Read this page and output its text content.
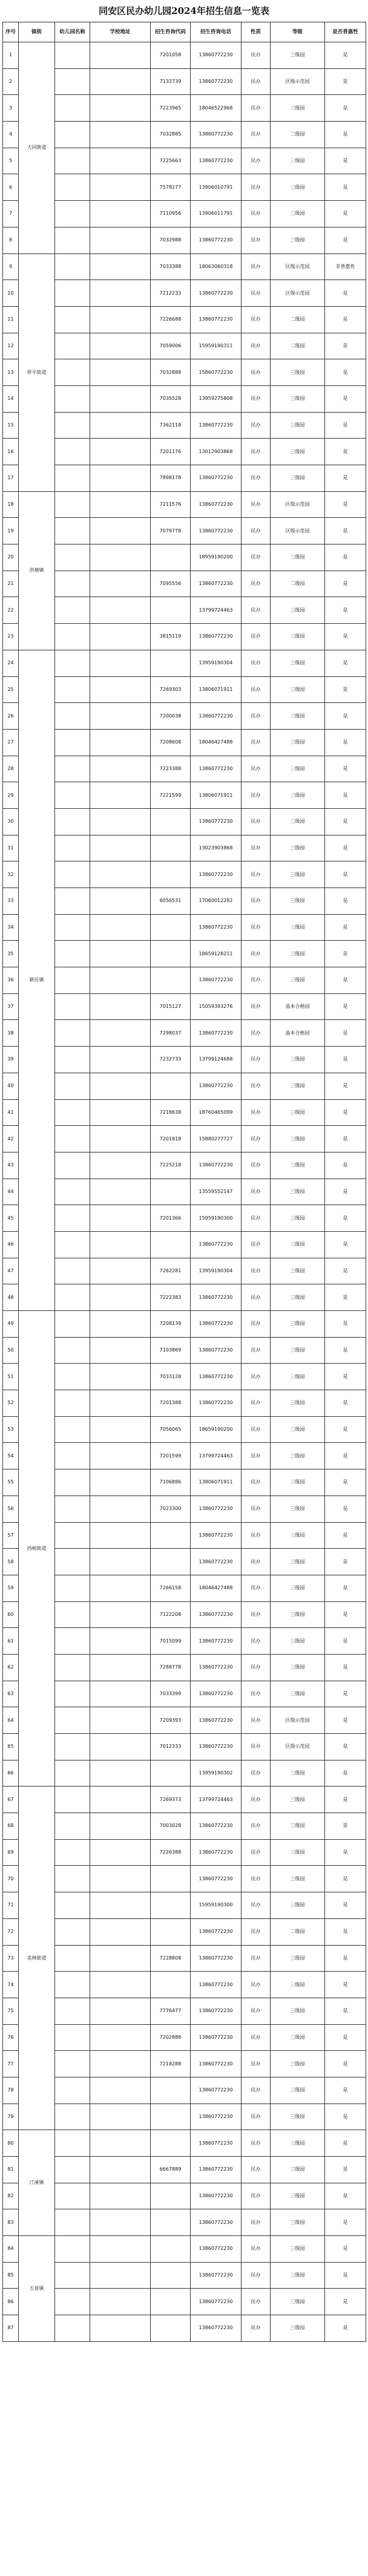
同安区民办幼儿园2024年招生信息一览表
序号	镇街	幼儿园名称	学校地址	招生咨询代码	招生咨询电话	性质	等级	是否普惠性
1	大同街道			7201058	13860772230	民办	三级园	是
2				7132739	13860772230	民办	区级示范园	是
3				7223965	18046522968	民办	三级园	是
4				7032885	13860772230	民办	二级园	是
5				7225663	13860772230	民办	三级园	是
6				7578277	13906010791	民办	三级园	是
7				7110956	13906011791	民办	三级园	是
8				7032988	13860772230	民办	三级园	是
9	祥平街道			7033388	18063060318	民办	区级示范园	非普惠性
10				7212233	13860772230	民办	区级示范园	是
11				7226688	13860772230	民办	二级园	是
12				7059006	15959190311	民办	二级园	是
13				7032888	15860772230	民办	三级园	是
14				7035528	13959275808	民办	三级园	是
15				7362118	13860772230	民办	三级园	是
16				7201176	13012903868	民办	三级园	是
17				7898178	13860772230	民办	三级园	是
18	洪塘镇			7211576	13860772230	民办	区级示范园	是
19				7079778	13860772230	民办	区级示范园	是
20					18959190200	民办	三级园	是
21				7095556	13860772230	民办	二级园	是
22					13799724463	民办	三级园	是
23				3815119	13860772230	民办	三级园	是
24	新民镇				13959190304	民办	三级园	是
25				7269303	13806071911	民办	三级园	是
26				7200038	13860772230	民办	三级园	是
27				7208608	18046427488	民办	三级园	是
28				7223388	13860772230	民办	三级园	是
29				7221599	13806071911	民办	三级园	是
30					13860772230	民办	三级园	是
31					13023903868	民办	三级园	是
32					13860772230	民办	三级园	是
33				6056531	17060012282	民办	三级园	是
34					13860772230	民办	三级园	是
35					18659128211	民办	三级园	是
36					13860772230	民办	三级园	是
37				7015127	15059393276	民办	基本合格园	是
38				7298037	13860772230	民办	基本合格园	是
39				7232733	13799124688	民办	三级园	是
40					13860772230	民办	三级园	是
41				7218638	18760465099	民办	三级园	是
42				7201818	15880277727	民办	三级园	是
43				7225218	13860772230	民办	三级园	是
44					13559552147	民办	三级园	是
45				7201366	15959190300	民办	三级园	是
46					13860772230	民办	三级园	是
47				7262281	13959190304	民办	三级园	是
48				7222383	13860772230	民办	三级园	是
49	西柯街道			7208139	13860772230	民办	三级园	是
50				7103869	13860772230	民办	三级园	是
51				7033128	13860772230	民办	三级园	是
52				7201388	13860772230	民办	三级园	是
53				7056065	18659190200	民办	三级园	是
54				7201599	13799724463	民办	三级园	是
55				7106886	13806071911	民办	三级园	是
56				7023300	13860772230	民办	三级园	是
57					13860772230	民办	三级园	是
58					13860772230	民办	三级园	是
59				7266158	18046427488	民办	三级园	是
60				7122208	13860772230	民办	三级园	是
61				7015099	13860772230	民办	三级园	是
62				7288778	13860772230	民办	三级园	是
63				7033399	13860772230	民办	三级园	是
64				7209393	13860772230	民办	区级示范园	是
65				7012333	13860772230	民办	区级示范园	是
66					13959190302	民办	三级园	是
67	美林街道			7269373	13799724463	民办	三级园	是
68				7003028	13860772230	民办	三级园	是
69				7226388	13860772230	民办	三级园	是
70					13860772230	民办	三级园	是
71					15959190300	民办	三级园	是
72					13860772230	民办	二级园	是
73				7228808	13860772230	民办	三级园	是
74					13860772230	民办	三级园	是
75				7776477	13860772230	民办	三级园	是
76				7202888	13860772230	民办	三级园	是
77				7218288	13860772230	民办	三级园	是
78					13860772230	民办	三级园	是
79					13860772230	民办	三级园	是
80	汀溪镇				13860772230	民办	三级园	是
81				6667889	13860772230	民办	三级园	是
82					13860772230	民办	三级园	是
83					13860772230	民办	三级园	是
84	五显镇				13860772230	民办	三级园	是
85					13860772230	民办	三级园	是
86					13860772230	民办	三级园	是
87					13860772230	民办	三级园	是
